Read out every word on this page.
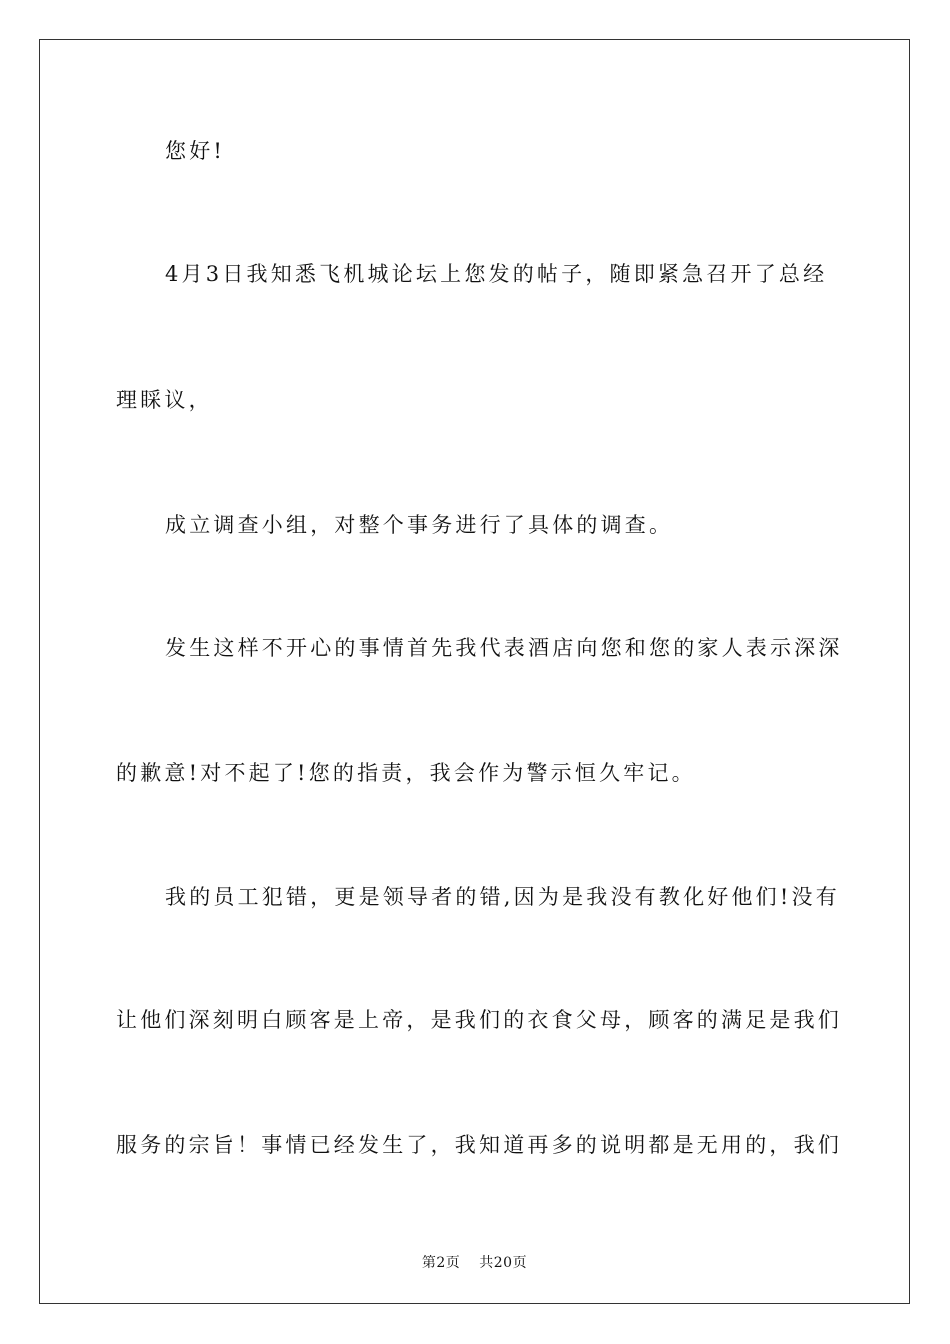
您好!
4月3日我知悉飞机城论坛上您发的帖子，随即紧急召开了总经
理睬议，
成立调查小组，对整个事务进行了具体的调查。
发生这样不开心的事情首先我代表酒店向您和您的家人表示深深
的歉意!对不起了!您的指责，我会作为警示恒久牢记。
我的员工犯错，更是领导者的错,因为是我没有教化好他们!没有
让他们深刻明白顾客是上帝，是我们的衣食父母，顾客的满足是我们
服务的宗旨！事情已经发生了，我知道再多的说明都是无用的，我们
第2页 共20页
